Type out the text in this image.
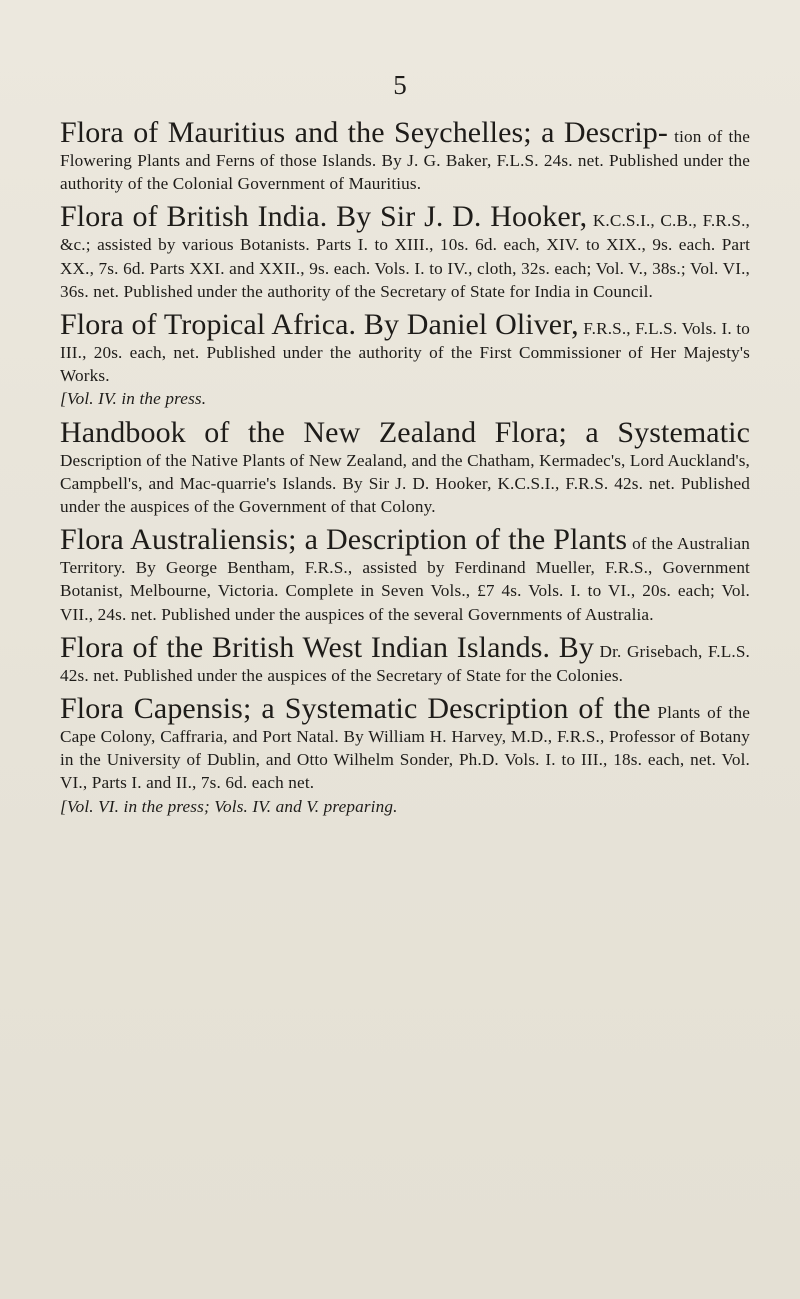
5

Flora of Mauritius and the Seychelles; a Descrip- tion of the Flowering Plants and Ferns of those Islands. By J. G. Baker, F.L.S. 24s. net. Published under the authority of the Colonial Government of Mauritius.

Flora of British India. By Sir J. D. Hooker, K.C.S.I., C.B., F.R.S., &c.; assisted by various Botanists. Parts I. to XIII., 10s. 6d. each, XIV. to XIX., 9s. each. Part XX., 7s. 6d. Parts XXI. and XXII., 9s. each. Vols. I. to IV., cloth, 32s. each; Vol. V., 38s.; Vol. VI., 36s. net. Published under the authority of the Secretary of State for India in Council.

Flora of Tropical Africa. By Daniel Oliver, F.R.S., F.L.S. Vols. I. to III., 20s. each, net. Published under the authority of the First Commissioner of Her Majesty's Works.

[Vol. IV. in the press.

Handbook of the New Zealand Flora; a Systematic Description of the Native Plants of New Zealand, and the Chatham, Kermadec's, Lord Auckland's, Campbell's, and Mac-quarrie's Islands. By Sir J. D. Hooker, K.C.S.I., F.R.S. 42s. net. Published under the auspices of the Government of that Colony.

Flora Australiensis; a Description of the Plants of the Australian Territory. By George Bentham, F.R.S., assisted by Ferdinand Mueller, F.R.S., Government Botanist, Melbourne, Victoria. Complete in Seven Vols., £7 4s. Vols. I. to VI., 20s. each; Vol. VII., 24s. net. Published under the auspices of the several Governments of Australia.

Flora of the British West Indian Islands. By Dr. Grisebach, F.L.S. 42s. net. Published under the auspices of the Secretary of State for the Colonies.

Flora Capensis; a Systematic Description of the Plants of the Cape Colony, Caffraria, and Port Natal. By William H. Harvey, M.D., F.R.S., Professor of Botany in the University of Dublin, and Otto Wilhelm Sonder, Ph.D. Vols. I. to III., 18s. each, net. Vol. VI., Parts I. and II., 7s. 6d. each net.

[Vol. VI. in the press; Vols. IV. and V. preparing.
